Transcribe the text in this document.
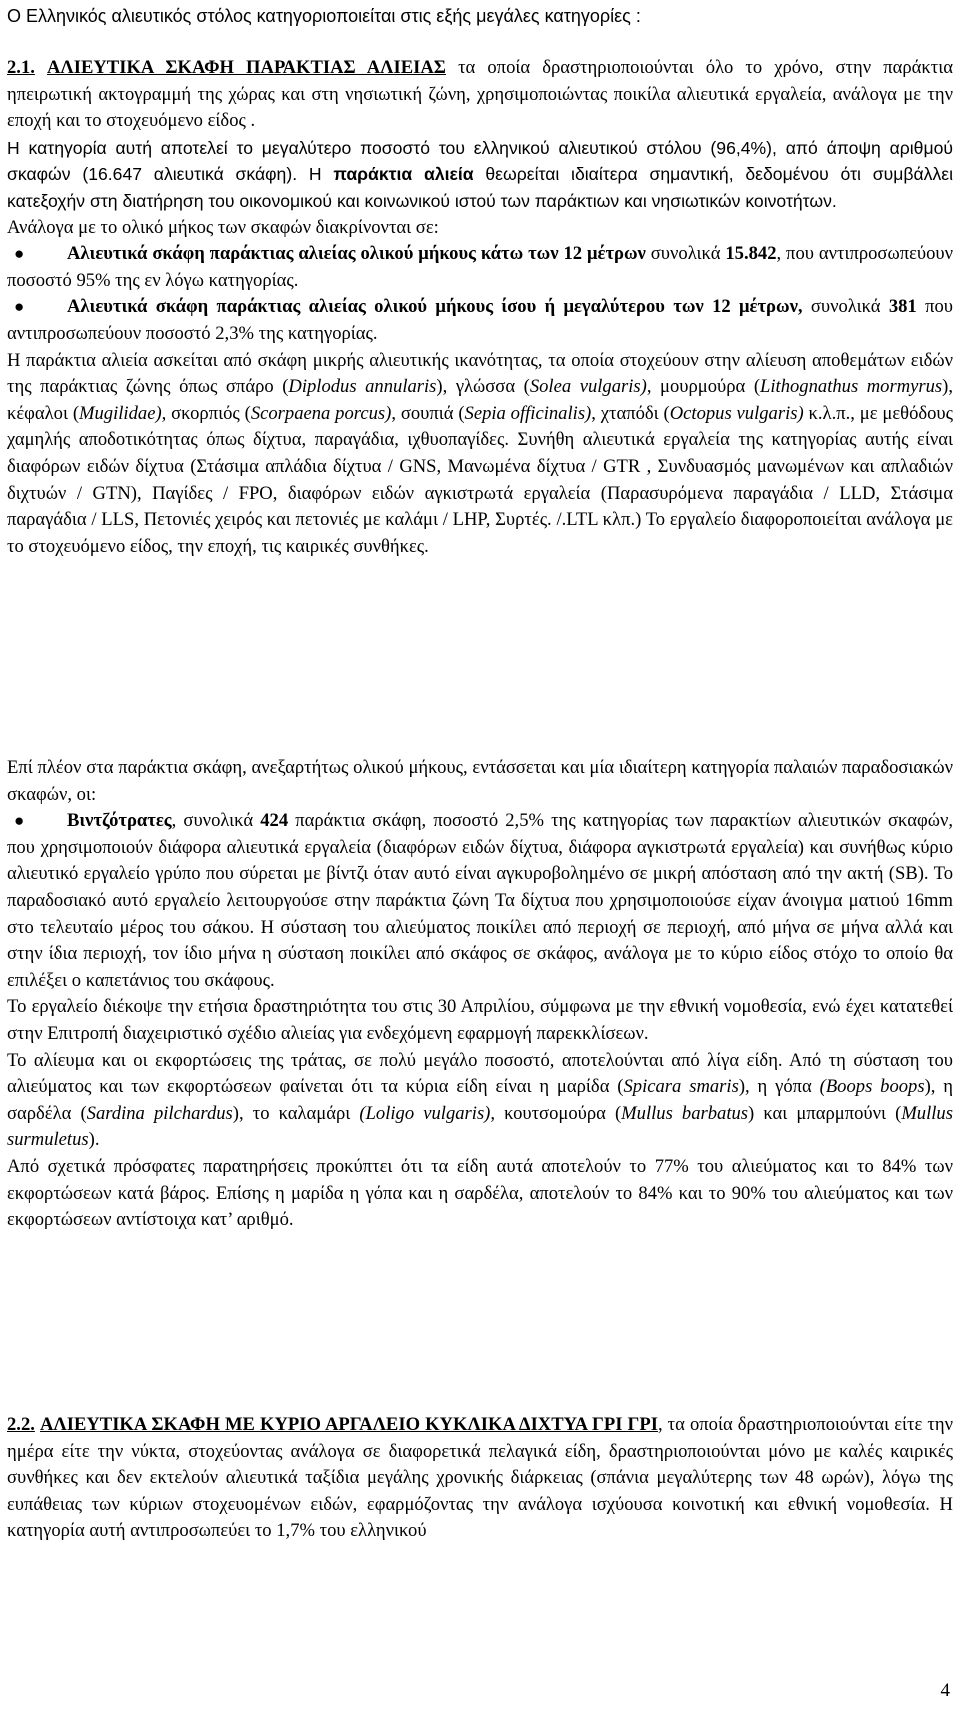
Ο Ελληνικός αλιευτικός στόλος κατηγοριοποιείται στις εξής μεγάλες κατηγορίες :

2.1. ΑΛΙΕΥΤΙΚΑ ΣΚΑΦΗ ΠΑΡΑΚΤΙΑΣ ΑΛΙΕΙΑΣ τα οποία δραστηριοποιούνται όλο το χρόνο, στην παράκτια ηπειρωτική ακτογραμμή της χώρας και στη νησιωτική ζώνη, χρησιμοποιώντας ποικίλα αλιευτικά εργαλεία, ανάλογα με την εποχή και το στοχευόμενο είδος .

Η κατηγορία αυτή αποτελεί το μεγαλύτερο ποσοστό του ελληνικού αλιευτικού στόλου (96,4%), από άποψη αριθμού σκαφών (16.647 αλιευτικά σκάφη). Η παράκτια αλιεία θεωρείται ιδιαίτερα σημαντική, δεδομένου ότι συμβάλλει κατεξοχήν στη διατήρηση του οικονομικού και κοινωνικού ιστού των παράκτιων και νησιωτικών κοινοτήτων.

Ανάλογα με το ολικό μήκος των σκαφών διακρίνονται σε:

● Αλιευτικά σκάφη παράκτιας αλιείας ολικού μήκους κάτω των 12 μέτρων συνολικά 15.842, που αντιπροσωπεύουν ποσοστό 95% της εν λόγω κατηγορίας.

● Αλιευτικά σκάφη παράκτιας αλιείας ολικού μήκους ίσου ή μεγαλύτερου των 12 μέτρων, συνολικά 381 που αντιπροσωπεύουν ποσοστό 2,3% της κατηγορίας.

Η παράκτια αλιεία ασκείται από σκάφη μικρής αλιευτικής ικανότητας, τα οποία στοχεύουν στην αλίευση αποθεμάτων ειδών της παράκτιας ζώνης όπως σπάρο (Diplodus annularis), γλώσσα (Solea vulgaris), μουρμούρα (Lithognathus mormyrus), κέφαλοι (Mugilidae), σκορπιός (Scorpaena porcus), σουπιά (Sepia officinalis), χταπόδι (Octopus vulgaris) κ.λ.π., με μεθόδους χαμηλής αποδοτικότητας όπως δίχτυα, παραγάδια, ιχθυοπαγίδες. Συνήθη αλιευτικά εργαλεία της κατηγορίας αυτής είναι διαφόρων ειδών δίχτυα (Στάσιμα απλάδια δίχτυα / GNS, Μανωμένα δίχτυα / GTR , Συνδυασμός μανωμένων και απλαδιών διχτυών / GTN), Παγίδες / FPO, διαφόρων ειδών αγκιστρωτά εργαλεία (Παρασυρόμενα παραγάδια / LLD, Στάσιμα παραγάδια / LLS, Πετονιές χειρός και πετονιές με καλάμι / LHP, Συρτές. /.LTL κλπ.) Το εργαλείο διαφοροποιείται ανάλογα με το στοχευόμενο είδος, την εποχή, τις καιρικές συνθήκες.

Επί πλέον στα παράκτια σκάφη, ανεξαρτήτως ολικού μήκους, εντάσσεται και μία ιδιαίτερη κατηγορία παλαιών παραδοσιακών σκαφών, οι:

● Βιντζότρατες, συνολικά 424 παράκτια σκάφη, ποσοστό 2,5% της κατηγορίας των παρακτίων αλιευτικών σκαφών, που χρησιμοποιούν διάφορα αλιευτικά εργαλεία (διαφόρων ειδών δίχτυα, διάφορα αγκιστρωτά εργαλεία) και συνήθως κύριο αλιευτικό εργαλείο γρύπο που σύρεται με βίντζι όταν αυτό είναι αγκυροβολημένο σε μικρή απόσταση από την ακτή (SB). Το παραδοσιακό αυτό εργαλείο λειτουργούσε στην παράκτια ζώνη Τα δίχτυα που χρησιμοποιούσε είχαν άνοιγμα ματιού 16mm στο τελευταίο μέρος του σάκου. Η σύσταση του αλιεύματος ποικίλει από περιοχή σε περιοχή, από μήνα σε μήνα αλλά και στην ίδια περιοχή, τον ίδιο μήνα η σύσταση ποικίλει από σκάφος σε σκάφος, ανάλογα με το κύριο είδος στόχο το οποίο θα επιλέξει ο καπετάνιος του σκάφους.

Το εργαλείο διέκοψε την ετήσια δραστηριότητα του στις 30 Απριλίου, σύμφωνα με την εθνική νομοθεσία, ενώ έχει κατατεθεί στην Επιτροπή διαχειριστικό σχέδιο αλιείας για ενδεχόμενη εφαρμογή παρεκκλίσεων.

Το αλίευμα και οι εκφορτώσεις της τράτας, σε πολύ μεγάλο ποσοστό, αποτελούνται από λίγα είδη. Από τη σύσταση του αλιεύματος και των εκφορτώσεων φαίνεται ότι τα κύρια είδη είναι η μαρίδα (Spicara smaris), η γόπα (Boops boops), η σαρδέλα (Sardina pilchardus), το καλαμάρι (Loligo vulgaris), κουτσομούρα (Mullus barbatus) και μπαρμπούνι (Mullus surmuletus).

Από σχετικά πρόσφατες παρατηρήσεις προκύπτει ότι τα είδη αυτά αποτελούν το 77% του αλιεύματος και το 84% των εκφορτώσεων κατά βάρος. Επίσης η μαρίδα η γόπα και η σαρδέλα, αποτελούν το 84% και το 90% του αλιεύματος και των εκφορτώσεων αντίστοιχα κατ’ αριθμό.

2.2. ΑΛΙΕΥΤΙΚΑ ΣΚΑΦΗ ΜΕ ΚΥΡΙΟ ΑΡΓΑΛΕΙΟ ΚΥΚΛΙΚΑ ΔΙΧΤΥΑ ΓΡΙ ΓΡΙ, τα οποία δραστηριοποιούνται είτε την ημέρα είτε την νύκτα, στοχεύοντας ανάλογα σε διαφορετικά πελαγικά είδη, δραστηριοποιούνται μόνο με καλές καιρικές συνθήκες και δεν εκτελούν αλιευτικά ταξίδια μεγάλης χρονικής διάρκειας (σπάνια μεγαλύτερης των 48 ωρών), λόγω της ευπάθειας των κύριων στοχευομένων ειδών, εφαρμόζοντας την ανάλογα ισχύουσα κοινοτική και εθνική νομοθεσία. Η κατηγορία αυτή αντιπροσωπεύει το 1,7% του ελληνικού

4
